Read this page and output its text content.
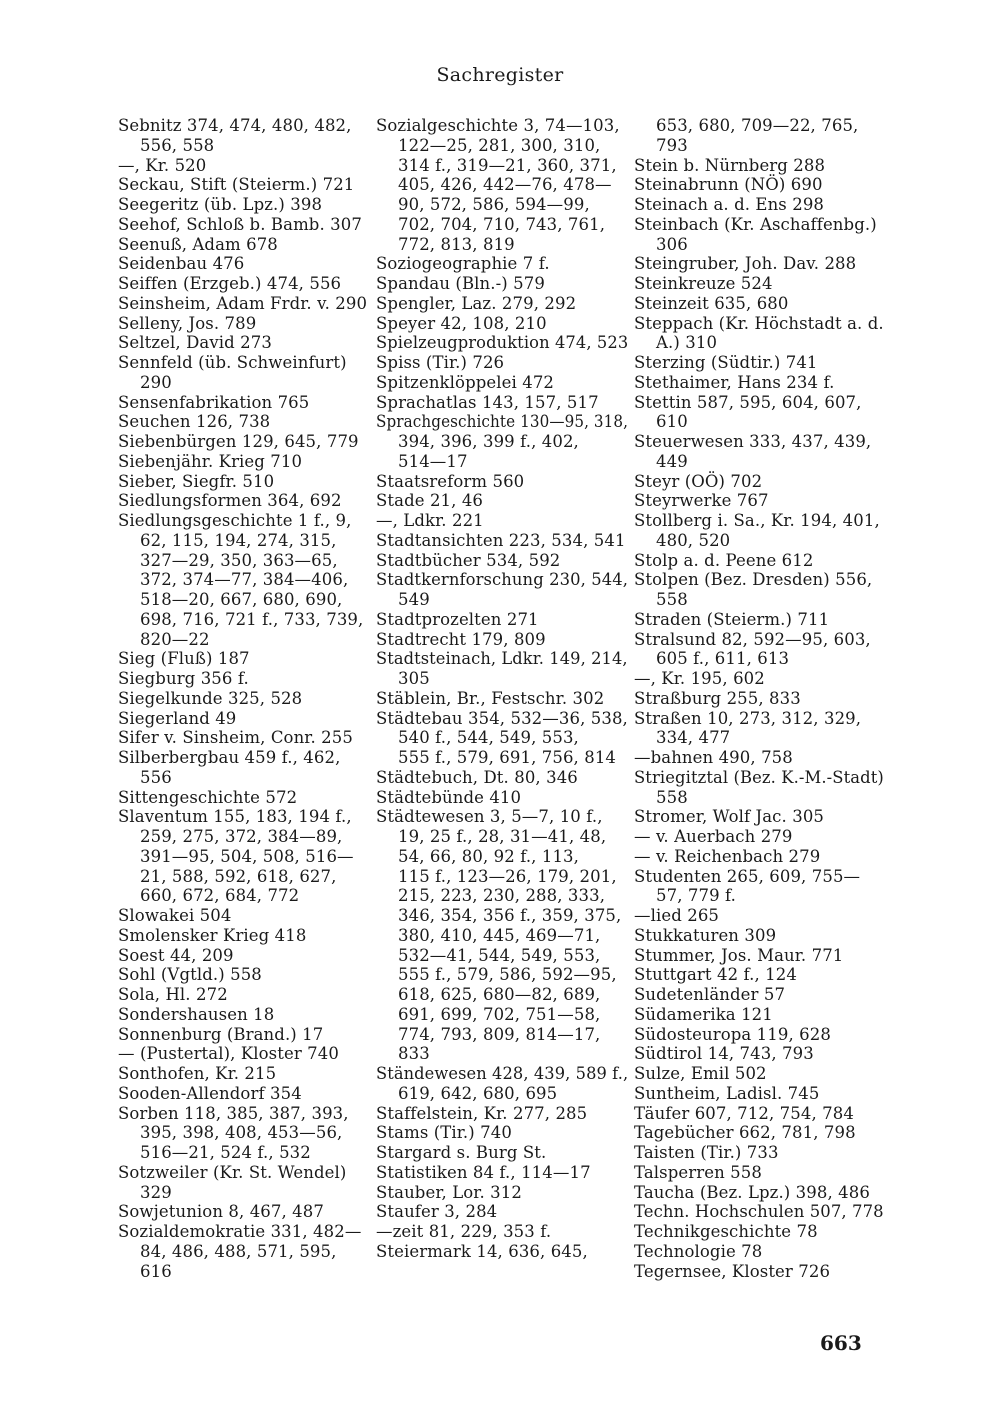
Sachregister
Sebnitz 374, 474, 480, 482,
556, 558
—, Kr. 520
Seckau, Stift (Steierm.) 721
Seegeritz (üb. Lpz.) 398
Seehof, Schloß b. Bamb. 307
Seenuß, Adam 678
Seidenbau 476
Seiffen (Erzgeb.) 474, 556
Seinsheim, Adam Frdr. v. 290
Selleny, Jos. 789
Seltzel, David 273
Sennfeld (üb. Schweinfurt)
290
Sensenfabrikation 765
Seuchen 126, 738
Siebenbürgen 129, 645, 779
Siebenjähr. Krieg 710
Sieber, Siegfr. 510
Siedlungsformen 364, 692
Siedlungsgeschichte 1 f., 9,
62, 115, 194, 274, 315,
327—29, 350, 363—65,
372, 374—77, 384—406,
518—20, 667, 680, 690,
698, 716, 721 f., 733, 739,
820—22
Sieg (Fluß) 187
Siegburg 356 f.
Siegelkunde 325, 528
Siegerland 49
Sifer v. Sinsheim, Conr. 255
Silberbergbau 459 f., 462,
556
Sittengeschichte 572
Slaventum 155, 183, 194 f.,
259, 275, 372, 384—89,
391—95, 504, 508, 516—
21, 588, 592, 618, 627,
660, 672, 684, 772
Slowakei 504
Smolensker Krieg 418
Soest 44, 209
Sohl (Vgtld.) 558
Sola, Hl. 272
Sondershausen 18
Sonnenburg (Brand.) 17
— (Pustertal), Kloster 740
Sonthofen, Kr. 215
Sooden-Allendorf 354
Sorben 118, 385, 387, 393,
395, 398, 408, 453—56,
516—21, 524 f., 532
Sotzweiler (Kr. St. Wendel)
329
Sowjetunion 8, 467, 487
Sozialdemokratie 331, 482—
84, 486, 488, 571, 595,
616
Sozialgeschichte 3, 74—103,
122—25, 281, 300, 310,
314 f., 319—21, 360, 371,
405, 426, 442—76, 478—
90, 572, 586, 594—99,
702, 704, 710, 743, 761,
772, 813, 819
Soziogeographie 7 f.
Spandau (Bln.-) 579
Spengler, Laz. 279, 292
Speyer 42, 108, 210
Spielzeugproduktion 474, 523
Spiss (Tir.) 726
Spitzenklöppelei 472
Sprachatlas 143, 157, 517
Sprachgeschichte 130—95, 318,
394, 396, 399 f., 402,
514—17
Staatsreform 560
Stade 21, 46
—, Ldkr. 221
Stadtansichten 223, 534, 541
Stadtbücher 534, 592
Stadtkernforschung 230, 544,
549
Stadtprozelten 271
Stadtrecht 179, 809
Stadtsteinach, Ldkr. 149, 214,
305
Stäblein, Br., Festschr. 302
Städtebau 354, 532—36, 538,
540 f., 544, 549, 553,
555 f., 579, 691, 756, 814
Städtebuch, Dt. 80, 346
Städtebünde 410
Städtewesen 3, 5—7, 10 f.,
19, 25 f., 28, 31—41, 48,
54, 66, 80, 92 f., 113,
115 f., 123—26, 179, 201,
215, 223, 230, 288, 333,
346, 354, 356 f., 359, 375,
380, 410, 445, 469—71,
532—41, 544, 549, 553,
555 f., 579, 586, 592—95,
618, 625, 680—82, 689,
691, 699, 702, 751—58,
774, 793, 809, 814—17,
833
Ständewesen 428, 439, 589 f.,
619, 642, 680, 695
Staffelstein, Kr. 277, 285
Stams (Tir.) 740
Stargard s. Burg St.
Statistiken 84 f., 114—17
Stauber, Lor. 312
Staufer 3, 284
—zeit 81, 229, 353 f.
Steiermark 14, 636, 645,
653, 680, 709—22, 765,
793
Stein b. Nürnberg 288
Steinabrunn (NÖ) 690
Steinach a. d. Ens 298
Steinbach (Kr. Aschaffenbg.)
306
Steingruber, Joh. Dav. 288
Steinkreuze 524
Steinzeit 635, 680
Steppach (Kr. Höchstadt a. d.
A.) 310
Sterzing (Südtir.) 741
Stethaimer, Hans 234 f.
Stettin 587, 595, 604, 607,
610
Steuerwesen 333, 437, 439,
449
Steyr (OÖ) 702
Steyrwerke 767
Stollberg i. Sa., Kr. 194, 401,
480, 520
Stolp a. d. Peene 612
Stolpen (Bez. Dresden) 556,
558
Straden (Steierm.) 711
Stralsund 82, 592—95, 603,
605 f., 611, 613
—, Kr. 195, 602
Straßburg 255, 833
Straßen 10, 273, 312, 329,
334, 477
—bahnen 490, 758
Striegitztal (Bez. K.-M.-Stadt)
558
Stromer, Wolf Jac. 305
— v. Auerbach 279
— v. Reichenbach 279
Studenten 265, 609, 755—
57, 779 f.
—lied 265
Stukkaturen 309
Stummer, Jos. Maur. 771
Stuttgart 42 f., 124
Sudetenländer 57
Südamerika 121
Südosteuropa 119, 628
Südtirol 14, 743, 793
Sulze, Emil 502
Suntheim, Ladisl. 745
Täufer 607, 712, 754, 784
Tagebücher 662, 781, 798
Taisten (Tir.) 733
Talsperren 558
Taucha (Bez. Lpz.) 398, 486
Techn. Hochschulen 507, 778
Technikgeschichte 78
Technologie 78
Tegernsee, Kloster 726
663
